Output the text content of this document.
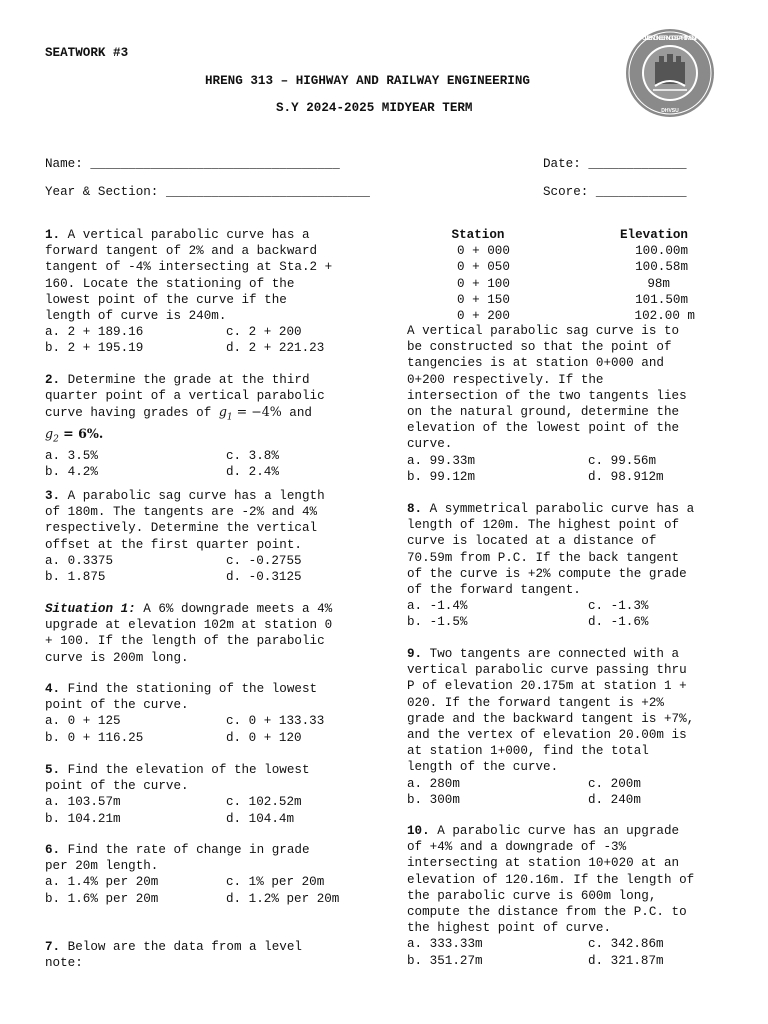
SEATWORK #3
HRENG 313 – HIGHWAY AND RAILWAY ENGINEERING
S.Y 2024-2025 MIDYEAR TERM
CIVIL ENGINEERING DEPARTMENT
DHVSU
Name: _________________________________	Date: _____________
Year & Section: ___________________________	Score: ____________

1. A vertical parabolic curve has a

forward tangent of 2% and a backward

tangent of -4% intersecting at Sta.2 +

160. Locate the stationing of the

lowest point of the curve if the

length of curve is 240m.

a. 2 + 189.16	c. 2 + 200
b. 2 + 195.19	d. 2 + 221.23

2. Determine the grade at the third

quarter point of a vertical parabolic

curve having grades of $g_1 = -4\%$ and

$g_2 = 6\%$.

a. 3.5%	c. 3.8%
b. 4.2%	d. 2.4%

3. A parabolic sag curve has a length

of 180m. The tangents are -2% and 4%

respectively. Determine the vertical

offset at the first quarter point.

a. 0.3375	c. -0.2755
b. 1.875	d. -0.3125

Situation 1: A 6% downgrade meets a 4%

upgrade at elevation 102m at station 0

+ 100. If the length of the parabolic

curve is 200m long.

4. Find the stationing of the lowest

point of the curve.

a. 0 + 125	c. 0 + 133.33
b. 0 + 116.25	d. 0 + 120

5. Find the elevation of the lowest

point of the curve.

a. 103.57m	c. 102.52m
b. 104.21m	d. 104.4m

6. Find the rate of change in grade

per 20m length.

a. 1.4% per 20m	c. 1% per 20m
b. 1.6% per 20m	d. 1.2% per 20m

7. Below are the data from a level

note:

Station	Elevation
0 + 000	100.00m
0 + 050	100.58m
0 + 100	98m
0 + 150	101.50m
0 + 200	102.00 m

A vertical parabolic sag curve is to

be constructed so that the point of

tangencies is at station 0+000 and

0+200 respectively. If the

intersection of the two tangents lies

on the natural ground, determine the

elevation of the lowest point of the

curve.

a. 99.33m	c. 99.56m
b. 99.12m	d. 98.912m

8. A symmetrical parabolic curve has a

length of 120m. The highest point of

curve is located at a distance of

70.59m from P.C. If the back tangent

of the curve is +2% compute the grade

of the forward tangent.

a. -1.4%	c. -1.3%
b. -1.5%	d. -1.6%

9. Two tangents are connected with a

vertical parabolic curve passing thru

P of elevation 20.175m at station 1 +

020. If the forward tangent is +2%

grade and the backward tangent is +7%,

and the vertex of elevation 20.00m is

at station 1+000, find the total

length of the curve.

a. 280m	c. 200m
b. 300m	d. 240m

10. A parabolic curve has an upgrade

of +4% and a downgrade of -3%

intersecting at station 10+020 at an

elevation of 120.16m. If the length of

the parabolic curve is 600m long,

compute the distance from the P.C. to

the highest point of curve.

a. 333.33m	c. 342.86m
b. 351.27m	d. 321.87m
